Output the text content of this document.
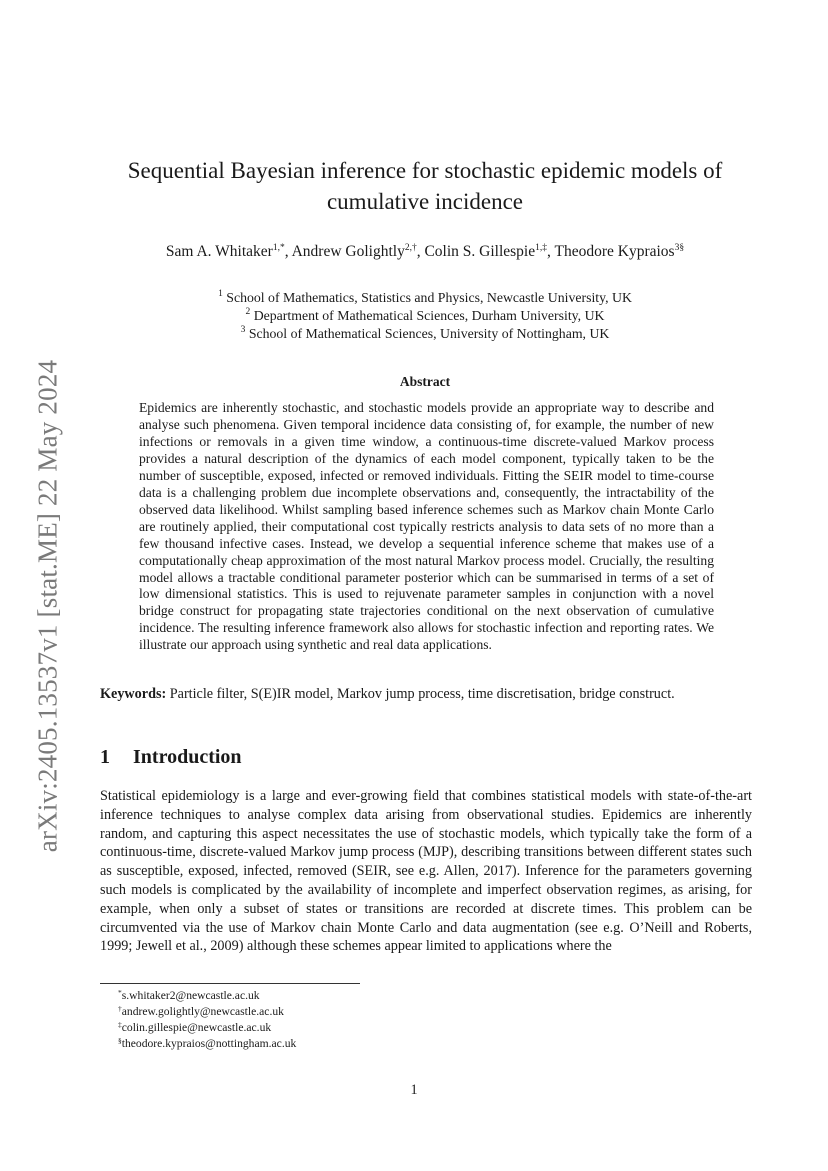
arXiv:2405.13537v1 [stat.ME] 22 May 2024
Sequential Bayesian inference for stochastic epidemic models of cumulative incidence
Sam A. Whitaker$^{1,*}$, Andrew Golightly$^{2,\dagger}$, Colin S. Gillespie$^{1,\ddagger}$, Theodore Kypraios$^{3\S}$
$^1$ School of Mathematics, Statistics and Physics, Newcastle University, UK
$^2$ Department of Mathematical Sciences, Durham University, UK
$^3$ School of Mathematical Sciences, University of Nottingham, UK
Abstract
Epidemics are inherently stochastic, and stochastic models provide an appropriate way to describe and analyse such phenomena. Given temporal incidence data consisting of, for example, the number of new infections or removals in a given time window, a continuous-time discrete-valued Markov process provides a natural description of the dynamics of each model component, typically taken to be the number of susceptible, exposed, infected or removed individuals. Fitting the SEIR model to time-course data is a challenging problem due incomplete observations and, consequently, the intractability of the observed data likelihood. Whilst sampling based inference schemes such as Markov chain Monte Carlo are routinely applied, their computational cost typically restricts analysis to data sets of no more than a few thousand infective cases. Instead, we develop a sequential inference scheme that makes use of a computationally cheap approximation of the most natural Markov process model. Crucially, the resulting model allows a tractable conditional parameter posterior which can be summarised in terms of a set of low dimensional statistics. This is used to rejuvenate parameter samples in conjunction with a novel bridge construct for propagating state trajectories conditional on the next observation of cumulative incidence. The resulting inference framework also allows for stochastic infection and reporting rates. We illustrate our approach using synthetic and real data applications.
Keywords: Particle filter, S(E)IR model, Markov jump process, time discretisation, bridge construct.
1 Introduction
Statistical epidemiology is a large and ever-growing field that combines statistical models with state-of-the-art inference techniques to analyse complex data arising from observational studies. Epidemics are inherently random, and capturing this aspect necessitates the use of stochastic models, which typically take the form of a continuous-time, discrete-valued Markov jump process (MJP), describing transitions between different states such as susceptible, exposed, infected, removed (SEIR, see e.g. Allen, 2017). Inference for the parameters governing such models is complicated by the availability of incomplete and imperfect observation regimes, as arising, for example, when only a subset of states or transitions are recorded at discrete times. This problem can be circumvented via the use of Markov chain Monte Carlo and data augmentation (see e.g. O’Neill and Roberts, 1999; Jewell et al., 2009) although these schemes appear limited to applications where the
*s.whitaker2@newcastle.ac.uk
†andrew.golightly@newcastle.ac.uk
‡colin.gillespie@newcastle.ac.uk
§theodore.kypraios@nottingham.ac.uk
1
